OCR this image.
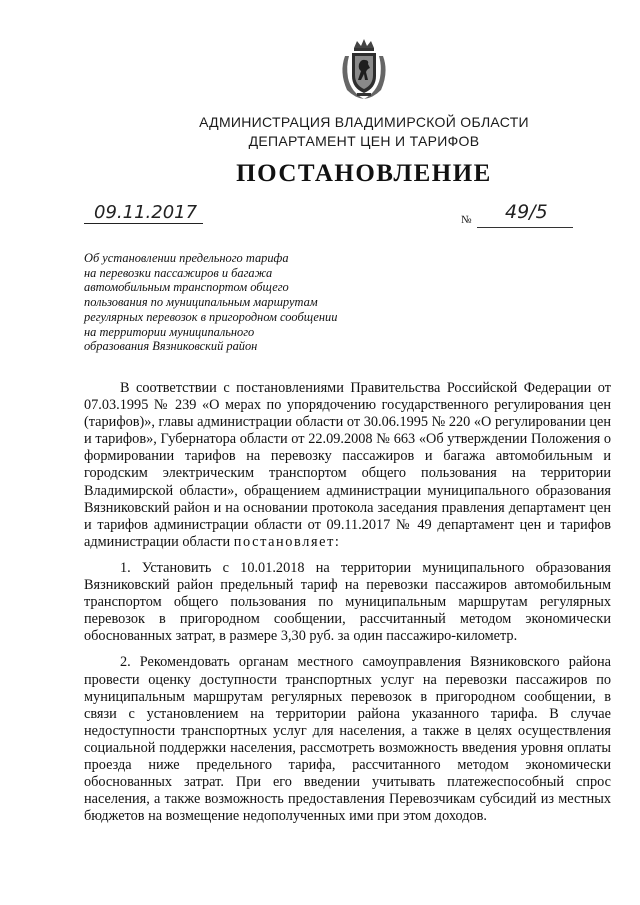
АДМИНИСТРАЦИЯ ВЛАДИМИРСКОЙ ОБЛАСТИ
ДЕПАРТАМЕНТ ЦЕН И ТАРИФОВ
ПОСТАНОВЛЕНИЕ
09.11.2017	№ 49/5
Об установлении предельного тарифа
на перевозки пассажиров и багажа
автомобильным транспортом общего
пользования по муниципальным маршрутам
регулярных перевозок в пригородном сообщении
на территории муниципального
образования Вязниковский район

В соответствии с постановлениями Правительства Российской Федерации от 07.03.1995 № 239 «О мерах по упорядочению государственного регулирования цен (тарифов)», главы администрации области от 30.06.1995 № 220 «О регулировании цен и тарифов», Губернатора области от 22.09.2008 № 663 «Об утверждении Положения о формировании тарифов на перевозку пассажиров и багажа автомобильным и городским электрическим транспортом общего пользования на территории Владимирской области», обращением администрации муниципального образования Вязниковский район и на основании протокола заседания правления департамент цен и тарифов администрации области от 09.11.2017 № 49 департамент цен и тарифов администрации области постановляет:

1. Установить с 10.01.2018 на территории муниципального образования Вязниковский район предельный тариф на перевозки пассажиров автомобильным транспортом общего пользования по муниципальным маршрутам регулярных перевозок в пригородном сообщении, рассчитанный методом экономически обоснованных затрат, в размере 3,30 руб. за один пассажиро-километр.

2. Рекомендовать органам местного самоуправления Вязниковского района провести оценку доступности транспортных услуг на перевозки пассажиров по муниципальным маршрутам регулярных перевозок в пригородном сообщении, в связи с установлением на территории района указанного тарифа. В случае недоступности транспортных услуг для населения, а также в целях осуществления социальной поддержки населения, рассмотреть возможность введения уровня оплаты проезда ниже предельного тарифа, рассчитанного методом экономически обоснованных затрат. При его введении учитывать платежеспособный спрос населения, а также возможность предоставления Перевозчикам субсидий из местных бюджетов на возмещение недополученных ими при этом доходов.
